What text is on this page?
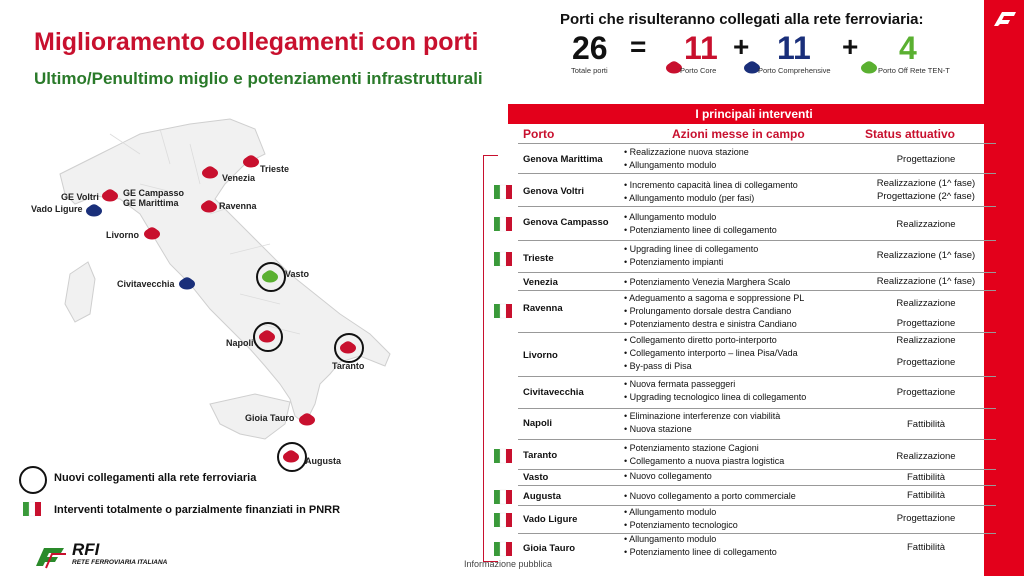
Miglioramento collegamenti con porti
Ultimo/Penultimo miglio e potenziamenti infrastrutturali
Porti che risulteranno collegati alla rete ferroviaria:
26 = 11 + 11 + 4
Totale porti	Porto Core	Porto Comprehensive	Porto Off Rete TEN-T
Trieste
Venezia
GE Voltri	GE Campasso
GE Marittima
Vado Ligure	Ravenna
Livorno
Vasto
Civitavecchia
Napoli
Taranto
Gioia Tauro
Augusta
Nuovi collegamenti alla rete ferroviaria
Interventi totalmente o parzialmente finanziati in PNRR
RFI
RETE FERROVIARIA ITALIANA	Informazione pubblica
I principali interventi
Porto	Azioni messe in campo	Status attuativo
Genova Marittima
• Realizzazione nuova stazione
• Allungamento modulo	Progettazione
Genova Voltri
• Incremento capacità linea di collegamento
• Allungamento modulo (per fasi)
Realizzazione (1^ fase)
Progettazione (2^ fase)
Genova Campasso	• Allungamento modulo
• Potenziamento linee di collegamento	Realizzazione
Trieste
• Upgrading linee di collegamento
• Potenziamento impianti
Realizzazione (1^ fase)
Venezia	• Potenziamento Venezia Marghera Scalo	Realizzazione (1^ fase)
Ravenna
• Adeguamento a sagoma e soppressione PL
• Prolungamento dorsale destra Candiano
• Potenziamento destra e sinistra Candiano
Realizzazione
Progettazione
Livorno
• Collegamento diretto porto-interporto
• Collegamento interporto – linea Pisa/Vada
• By-pass di Pisa
Realizzazione
Progettazione
Civitavecchia
• Nuova fermata passeggeri
• Upgrading tecnologico linea di collegamento	Progettazione
Napoli
• Eliminazione interferenze con viabilità
• Nuova stazione	Fattibilità
Taranto
• Potenziamento stazione Cagioni
• Collegamento a nuova piastra logistica	Realizzazione
Vasto	• Nuovo collegamento	Fattibilità
Augusta	• Nuovo collegamento a porto commerciale	Fattibilità
Vado Ligure
• Allungamento modulo
• Potenziamento tecnologico
Progettazione
Gioia Tauro
• Allungamento modulo
• Potenziamento linee di collegamento	Fattibilità
